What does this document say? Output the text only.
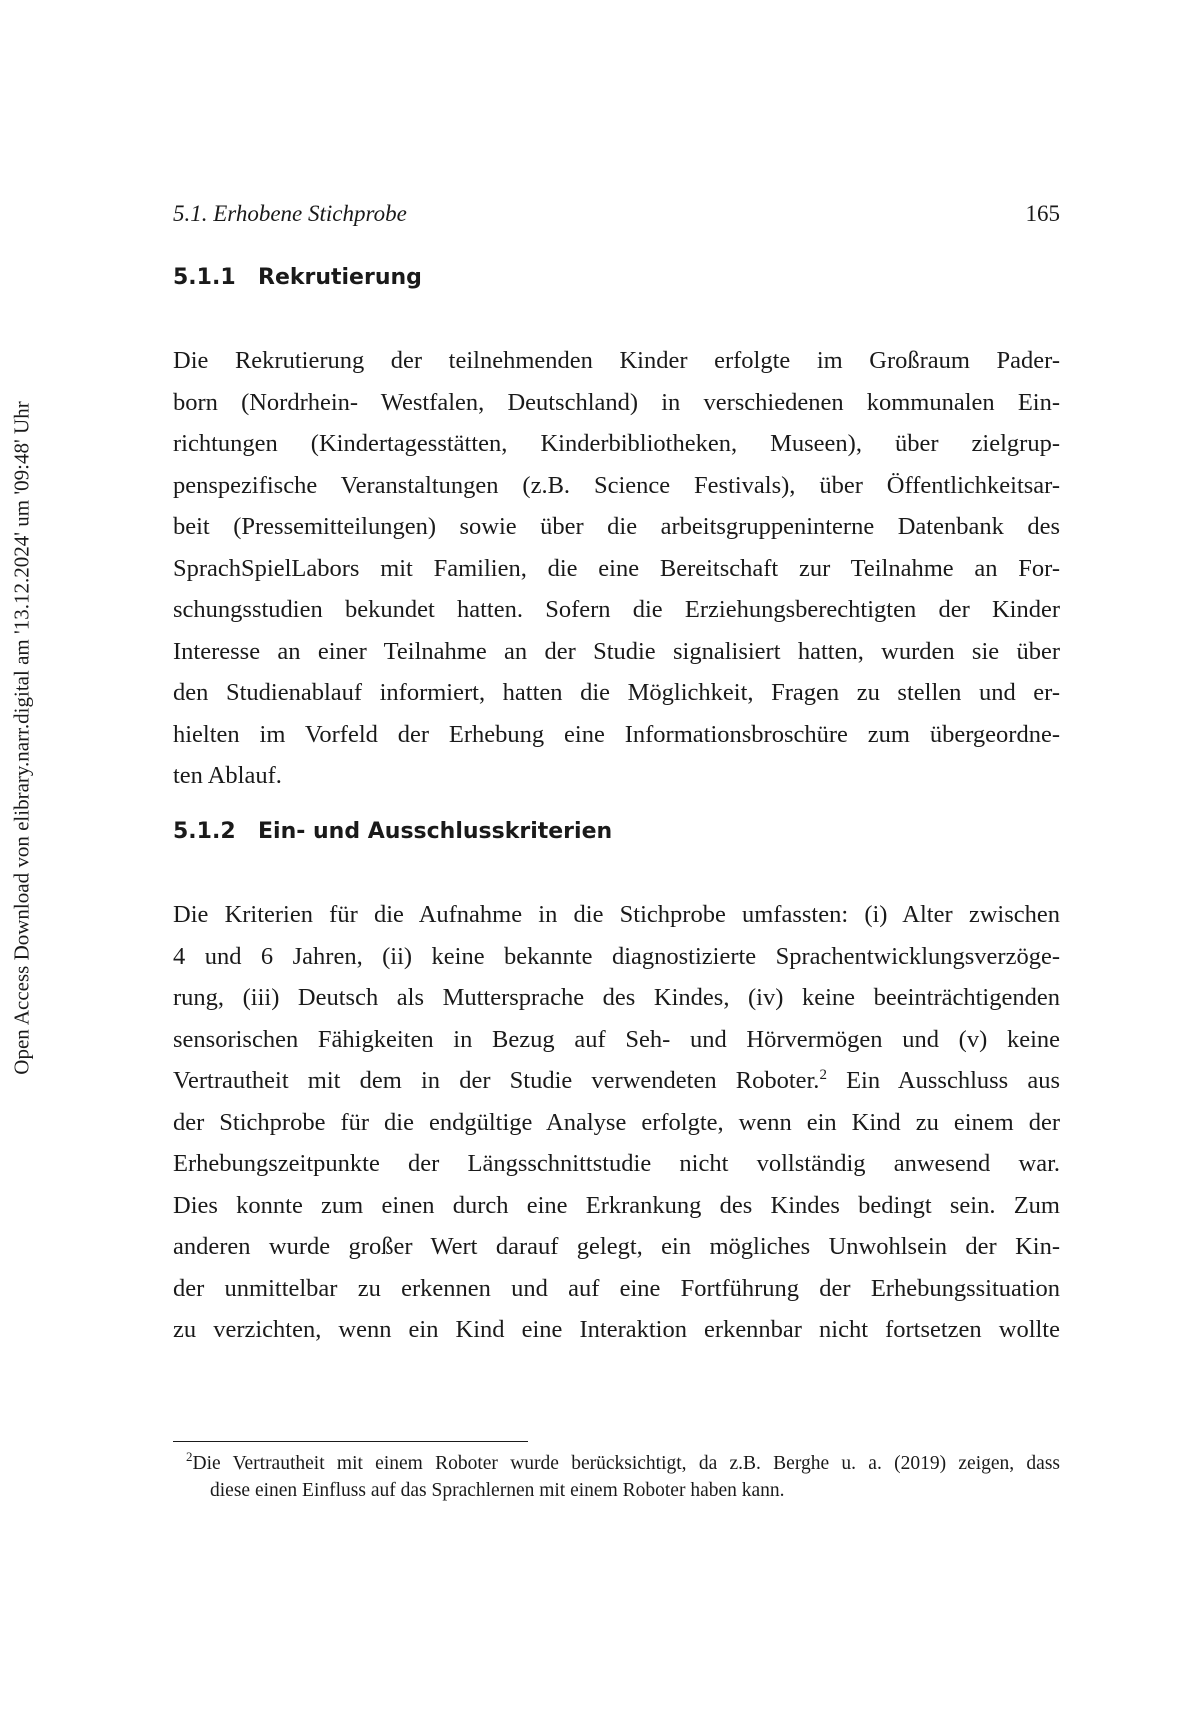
Open Access Download von elibrary.narr.digital am '13.12.2024' um '09:48' Uhr
5.1. Erhobene Stichprobe	165
5.1.1 Rekrutierung
Die Rekrutierung der teilnehmenden Kinder erfolgte im Großraum Pader-
born (Nordrhein- Westfalen, Deutschland) in verschiedenen kommunalen Ein-
richtungen (Kindertagesstätten, Kinderbibliotheken, Museen), über zielgrup-
penspezifische Veranstaltungen (z.B. Science Festivals), über Öffentlichkeitsar-
beit (Pressemitteilungen) sowie über die arbeitsgruppeninterne Datenbank des
SprachSpielLabors mit Familien, die eine Bereitschaft zur Teilnahme an For-
schungsstudien bekundet hatten. Sofern die Erziehungsberechtigten der Kinder
Interesse an einer Teilnahme an der Studie signalisiert hatten, wurden sie über
den Studienablauf informiert, hatten die Möglichkeit, Fragen zu stellen und er-
hielten im Vorfeld der Erhebung eine Informationsbroschüre zum übergeordne-
ten Ablauf.
5.1.2 Ein- und Ausschlusskriterien
Die Kriterien für die Aufnahme in die Stichprobe umfassten: (i) Alter zwischen
4 und 6 Jahren, (ii) keine bekannte diagnostizierte Sprachentwicklungsverzöge-
rung, (iii) Deutsch als Muttersprache des Kindes, (iv) keine beeinträchtigenden
sensorischen Fähigkeiten in Bezug auf Seh- und Hörvermögen und (v) keine
Vertrautheit mit dem in der Studie verwendeten Roboter.$^2$ Ein Ausschluss aus
der Stichprobe für die endgültige Analyse erfolgte, wenn ein Kind zu einem der
Erhebungszeitpunkte der Längsschnittstudie nicht vollständig anwesend war.
Dies konnte zum einen durch eine Erkrankung des Kindes bedingt sein. Zum
anderen wurde großer Wert darauf gelegt, ein mögliches Unwohlsein der Kin-
der unmittelbar zu erkennen und auf eine Fortführung der Erhebungssituation
zu verzichten, wenn ein Kind eine Interaktion erkennbar nicht fortsetzen wollte
$^2$Die Vertrautheit mit einem Roboter wurde berücksichtigt, da z.B. Berghe u. a. (2019) zeigen, dass
diese einen Einfluss auf das Sprachlernen mit einem Roboter haben kann.
